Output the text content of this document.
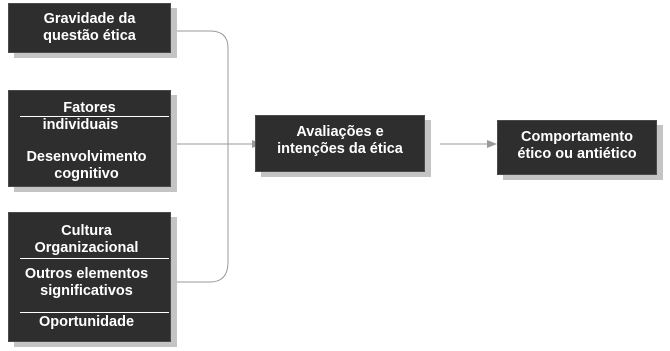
Gravidade da
questão ética
Fatores
individuais
Desenvolvimento
cognitivo
Cultura
Organizacional
Outros elementos
significativos
Oportunidade
Avaliações e
intenções da ética
Comportamento
ético ou antiético
